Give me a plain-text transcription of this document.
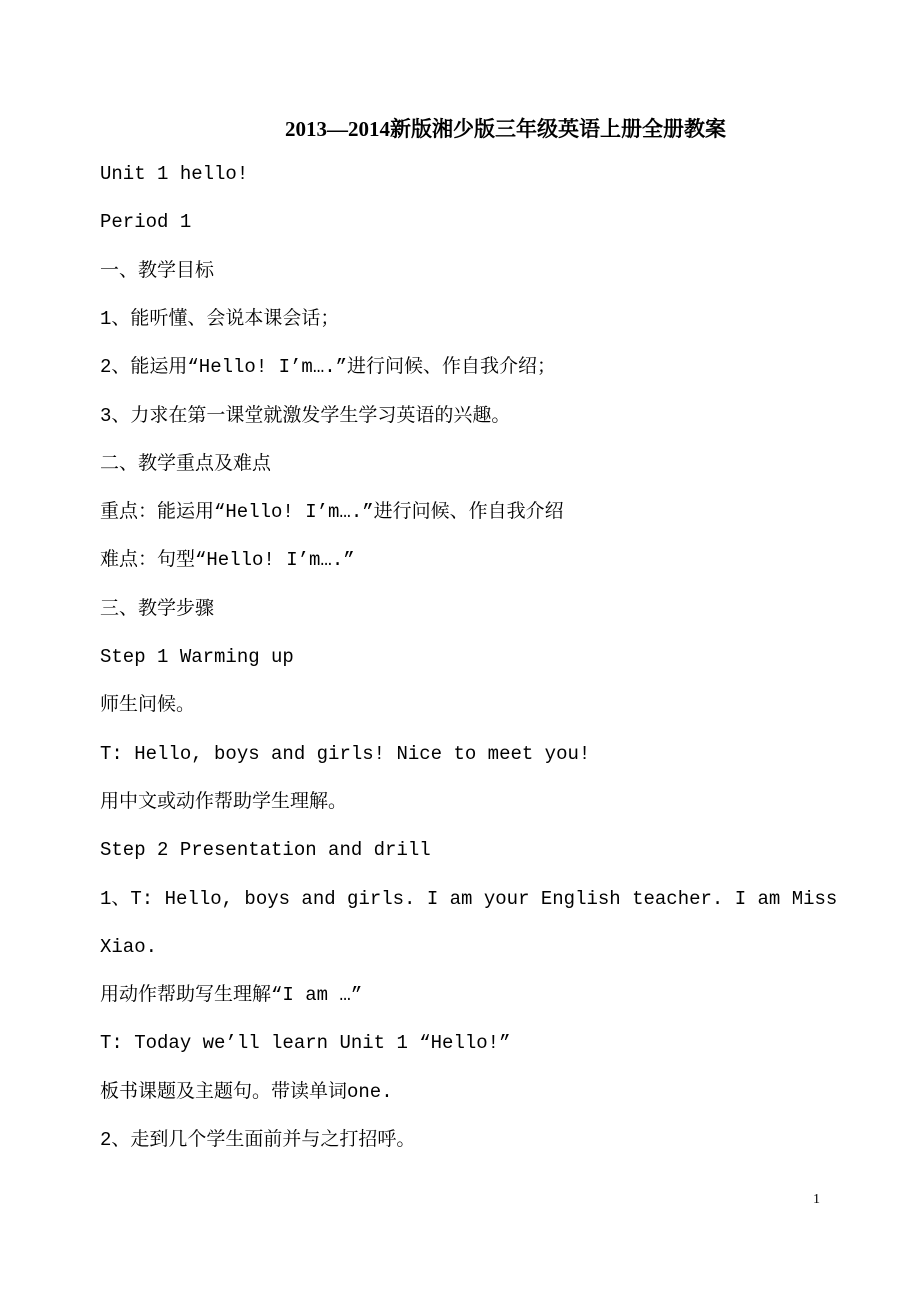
2013—2014新版湘少版三年级英语上册全册教案
Unit 1 hello!
Period 1
一、教学目标
1、能听懂、会说本课会话；
2、能运用“Hello! I’m….”进行问候、作自我介绍；
3、力求在第一课堂就激发学生学习英语的兴趣。
二、教学重点及难点
重点：能运用“Hello! I’m….”进行问候、作自我介绍
难点：句型“Hello! I’m….”
三、教学步骤
Step 1 Warming up
师生问候。
T: Hello, boys and girls! Nice to meet you!
用中文或动作帮助学生理解。
Step 2 Presentation and drill
1、T: Hello, boys and girls. I am your English teacher. I am Miss
Xiao.
用动作帮助写生理解“I am …”
T: Today we’ll learn Unit 1 “Hello!”
板书课题及主题句。带读单词one.
2、走到几个学生面前并与之打招呼。
1
